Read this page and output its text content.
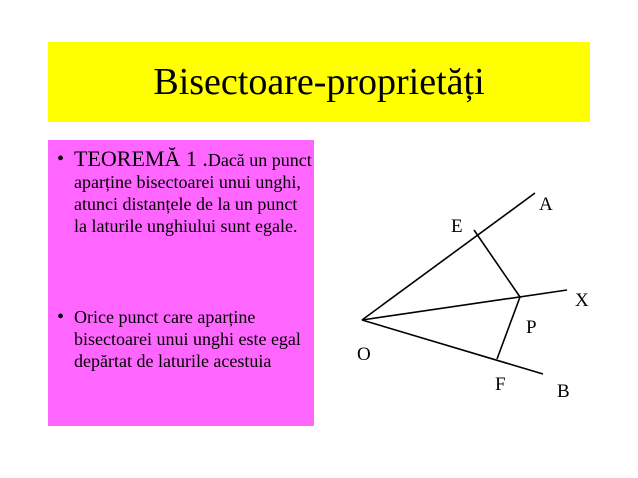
Bisectoare-proprietăți
• TEOREMĂ 1 .Dacă un punct aparține bisectoarei unui unghi, atunci distanțele de la un punct la laturile unghiului sunt egale.
• Orice punct care aparține bisectoarei unui unghi este egal depărtat de laturile acestuia
A
E
X
P
O
F	B
